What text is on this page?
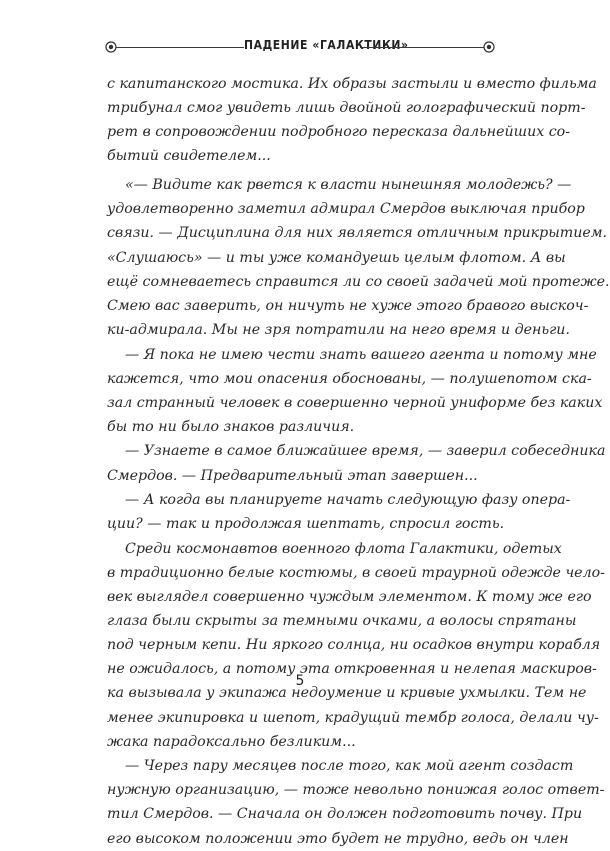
ПАДЕНИЕ «ГАЛАКТИКИ»
с капитанского мостика. Их образы застыли и вместо фильма
трибунал смог увидеть лишь двойной голографический порт-
рет в сопровождении подробного пересказа дальнейших со-
бытий свидетелем...
«— Видите как рвется к власти нынешняя молодежь? —
удовлетворенно заметил адмирал Смердов выключая прибор
связи. — Дисциплина для них является отличным прикрытием.
«Слушаюсь» — и ты уже командуешь целым флотом. А вы
ещё сомневаетесь справится ли со своей задачей мой протеже.
Смею вас заверить, он ничуть не хуже этого бравого выскоч-
ки-адмирала. Мы не зря потратили на него время и деньги.
— Я пока не имею чести знать вашего агента и потому мне
кажется, что мои опасения обоснованы, — полушепотом ска-
зал странный человек в совершенно черной униформе без каких
бы то ни было знаков различия.
— Узнаете в самое ближайшее время, — заверил собеседника
Смердов. — Предварительный этап завершен...
— А когда вы планируете начать следующую фазу опера-
ции? — так и продолжая шептать, спросил гость.
Среди космонавтов военного флота Галактики, одетых
в традиционно белые костюмы, в своей траурной одежде чело-
век выглядел совершенно чуждым элементом. К тому же его
глаза были скрыты за темными очками, а волосы спрятаны
под черным кепи. Ни яркого солнца, ни осадков внутри корабля
не ожидалось, а потому эта откровенная и нелепая маскиров-
ка вызывала у экипажа недоумение и кривые ухмылки. Тем не
менее экипировка и шепот, крадущий тембр голоса, делали чу-
жака парадоксально безликим...
— Через пару месяцев после того, как мой агент создаст
нужную организацию, — тоже невольно понижая голос ответ-
тил Смердов. — Сначала он должен подготовить почву. При
его высоком положении это будет не трудно, ведь он член
5
